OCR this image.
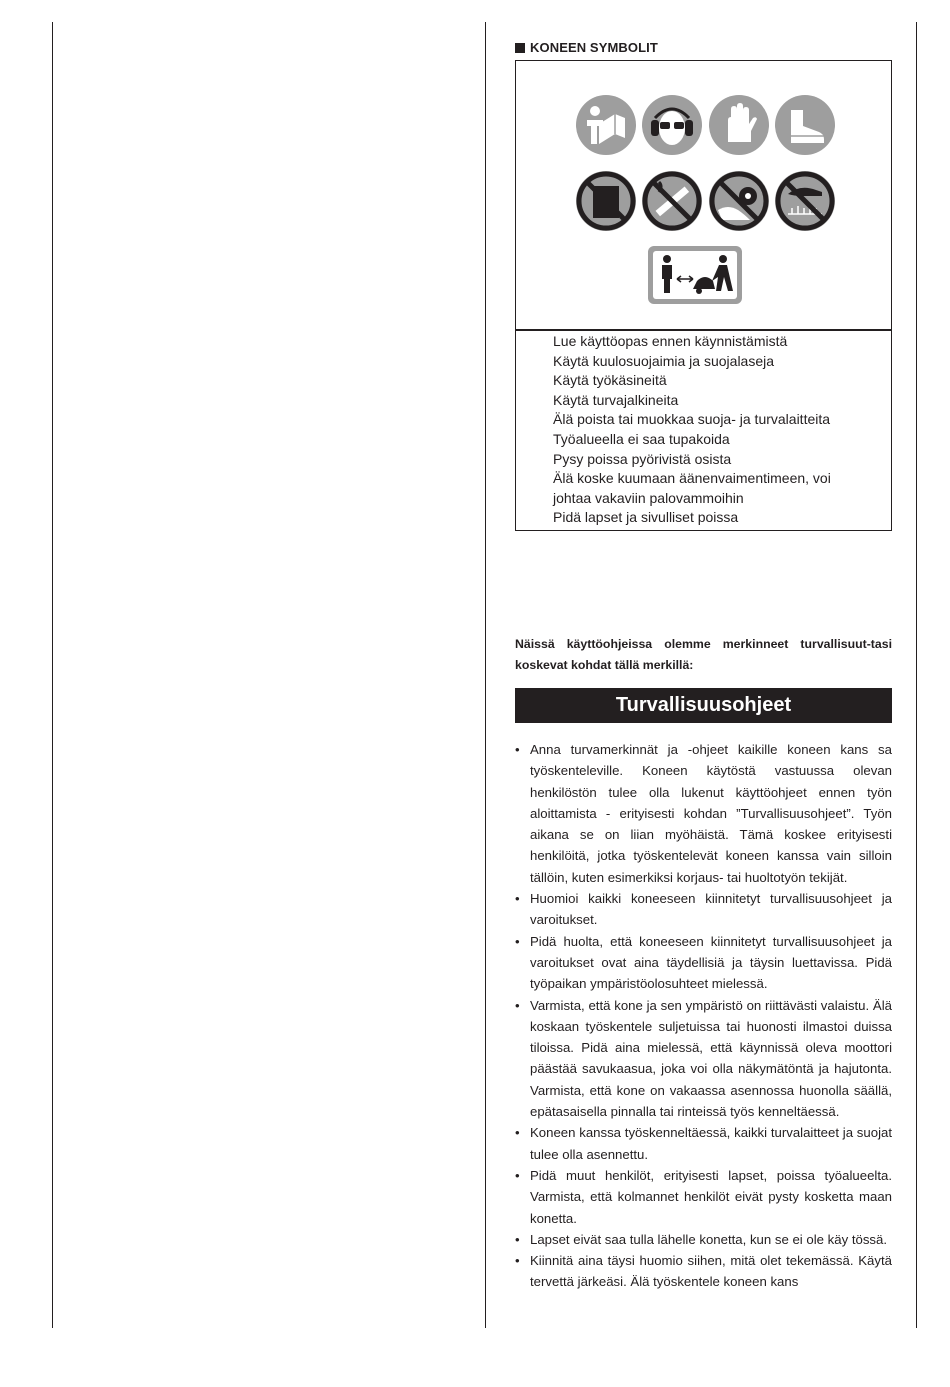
KONEEN SYMBOLIT
Lue käyttöopas ennen käynnistämistä
Käytä kuulosuojaimia ja suojalaseja
Käytä työkäsineitä
Käytä turvajalkineita
Älä poista tai muokkaa suoja- ja turvalaitteita
Työalueella ei saa tupakoida
Pysy poissa pyörivistä osista
Älä koske kuumaan äänenvaimentimeen, voi
johtaa vakaviin palovammoihin
Pidä lapset ja sivulliset poissa
Näissä käyttöohjeissa olemme merkinneet turvallisuut-tasi koskevat kohdat tällä merkillä:
Turvallisuusohjeet
• Anna turvamerkinnät ja -ohjeet kaikille koneen kans sa työskenteleville. Koneen käytöstä vastuussa olevan henkilöstön tulee olla lukenut käyttöohjeet ennen työn aloittamista - erityisesti kohdan ”Turvallisuusohjeet”. Työn aikana se on liian myöhäistä. Tämä koskee erityisesti henkilöitä, jotka työskentelevät koneen kanssa vain silloin tällöin, kuten esimerkiksi korjaus- tai huoltotyön tekijät.
• Huomioi kaikki koneeseen kiinnitetyt turvallisuusohjeet ja varoitukset.
• Pidä huolta, että koneeseen kiinnitetyt turvallisuusohjeet ja varoitukset ovat aina täydellisiä ja täysin luettavissa. Pidä työpaikan ympäristöolosuhteet mielessä.
• Varmista, että kone ja sen ympäristö on riittävästi valaistu. Älä koskaan työskentele suljetuissa tai huonosti ilmastoi duissa tiloissa. Pidä aina mielessä, että käynnissä oleva moottori päästää savukaasua, joka voi olla näkymätöntä ja hajutonta. Varmista, että kone on vakaassa asennossa huonolla säällä, epätasaisella pinnalla tai rinteissä työs kenneltäessä.
• Koneen kanssa työskenneltäessä, kaikki turvalaitteet ja suojat tulee olla asennettu.
• Pidä muut henkilöt, erityisesti lapset, poissa työalueelta. Varmista, että kolmannet henkilöt eivät pysty kosketta maan konetta.
• Lapset eivät saa tulla lähelle konetta, kun se ei ole käy tössä.
• Kiinnitä aina täysi huomio siihen, mitä olet tekemässä. Käytä tervettä järkeäsi. Älä työskentele koneen kans
